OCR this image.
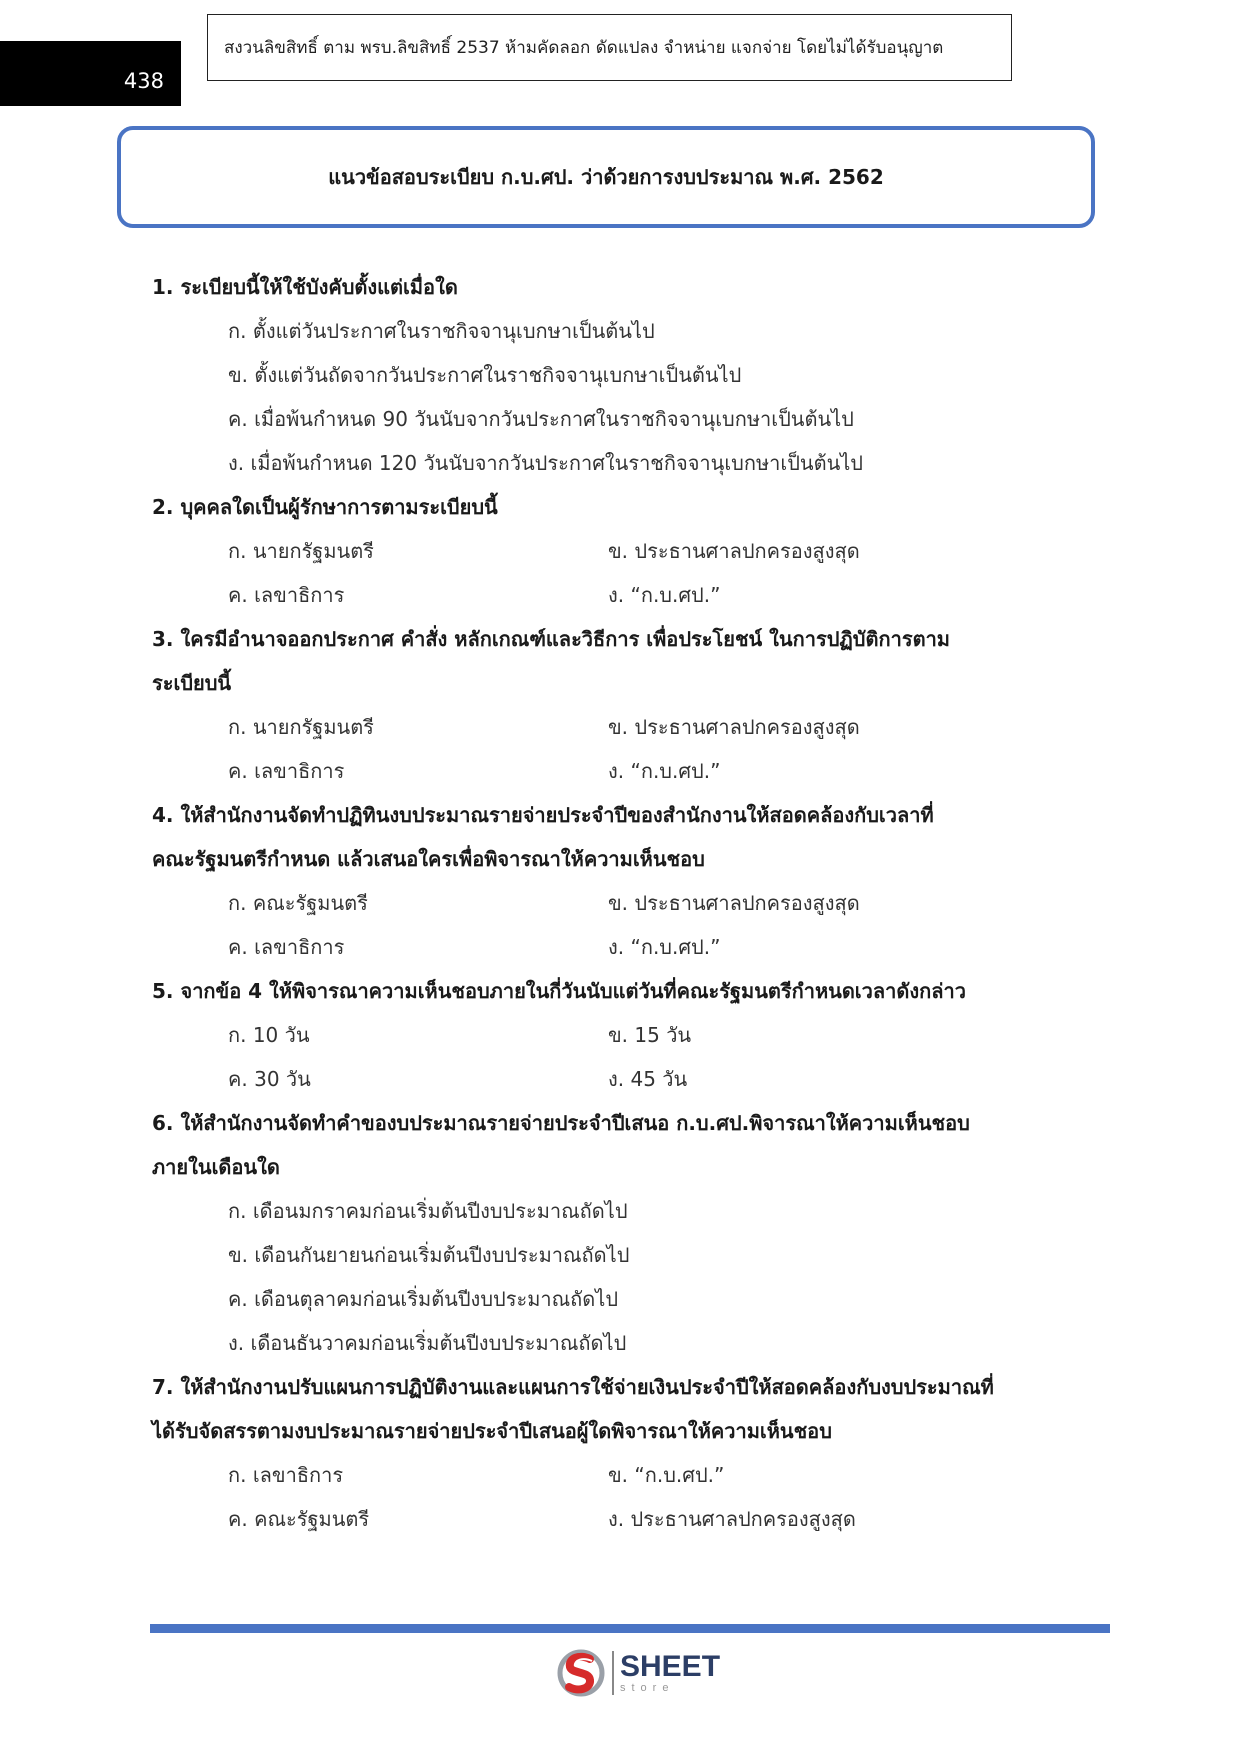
438
สงวนลิขสิทธิ์ ตาม พรบ.ลิขสิทธิ์ 2537 ห้ามคัดลอก ดัดแปลง จำหน่าย แจกจ่าย โดยไม่ได้รับอนุญาต
แนวข้อสอบระเบียบ ก.บ.ศป. ว่าด้วยการงบประมาณ พ.ศ. 2562
1. ระเบียบนี้ให้ใช้บังคับตั้งแต่เมื่อใด
ก. ตั้งแต่วันประกาศในราชกิจจานุเบกษาเป็นต้นไป
ข. ตั้งแต่วันถัดจากวันประกาศในราชกิจจานุเบกษาเป็นต้นไป
ค. เมื่อพ้นกำหนด 90 วันนับจากวันประกาศในราชกิจจานุเบกษาเป็นต้นไป
ง. เมื่อพ้นกำหนด 120 วันนับจากวันประกาศในราชกิจจานุเบกษาเป็นต้นไป
2. บุคคลใดเป็นผู้รักษาการตามระเบียบนี้
ก. นายกรัฐมนตรี	ข. ประธานศาลปกครองสูงสุด
ค. เลขาธิการ	ง. “ก.บ.ศป.”
3. ใครมีอำนาจออกประกาศ คำสั่ง หลักเกณฑ์และวิธีการ เพื่อประโยชน์ ในการปฏิบัติการตาม
ระเบียบนี้
ก. นายกรัฐมนตรี	ข. ประธานศาลปกครองสูงสุด
ค. เลขาธิการ	ง. “ก.บ.ศป.”
4. ให้สำนักงานจัดทำปฏิทินงบประมาณรายจ่ายประจำปีของสำนักงานให้สอดคล้องกับเวลาที่
คณะรัฐมนตรีกำหนด แล้วเสนอใครเพื่อพิจารณาให้ความเห็นชอบ
ก. คณะรัฐมนตรี	ข. ประธานศาลปกครองสูงสุด
ค. เลขาธิการ	ง. “ก.บ.ศป.”
5. จากข้อ 4 ให้พิจารณาความเห็นชอบภายในกี่วันนับแต่วันที่คณะรัฐมนตรีกำหนดเวลาดังกล่าว
ก. 10 วัน	ข. 15 วัน
ค. 30 วัน	ง. 45 วัน
6. ให้สำนักงานจัดทำคำของบประมาณรายจ่ายประจำปีเสนอ ก.บ.ศป.พิจารณาให้ความเห็นชอบ
ภายในเดือนใด
ก. เดือนมกราคมก่อนเริ่มต้นปีงบประมาณถัดไป
ข. เดือนกันยายนก่อนเริ่มต้นปีงบประมาณถัดไป
ค. เดือนตุลาคมก่อนเริ่มต้นปีงบประมาณถัดไป
ง. เดือนธันวาคมก่อนเริ่มต้นปีงบประมาณถัดไป
7. ให้สำนักงานปรับแผนการปฏิบัติงานและแผนการใช้จ่ายเงินประจำปีให้สอดคล้องกับงบประมาณที่
ได้รับจัดสรรตามงบประมาณรายจ่ายประจำปีเสนอผู้ใดพิจารณาให้ความเห็นชอบ
ก. เลขาธิการ	ข. “ก.บ.ศป.”
ค. คณะรัฐมนตรี	ง. ประธานศาลปกครองสูงสุด
SHEET
store
